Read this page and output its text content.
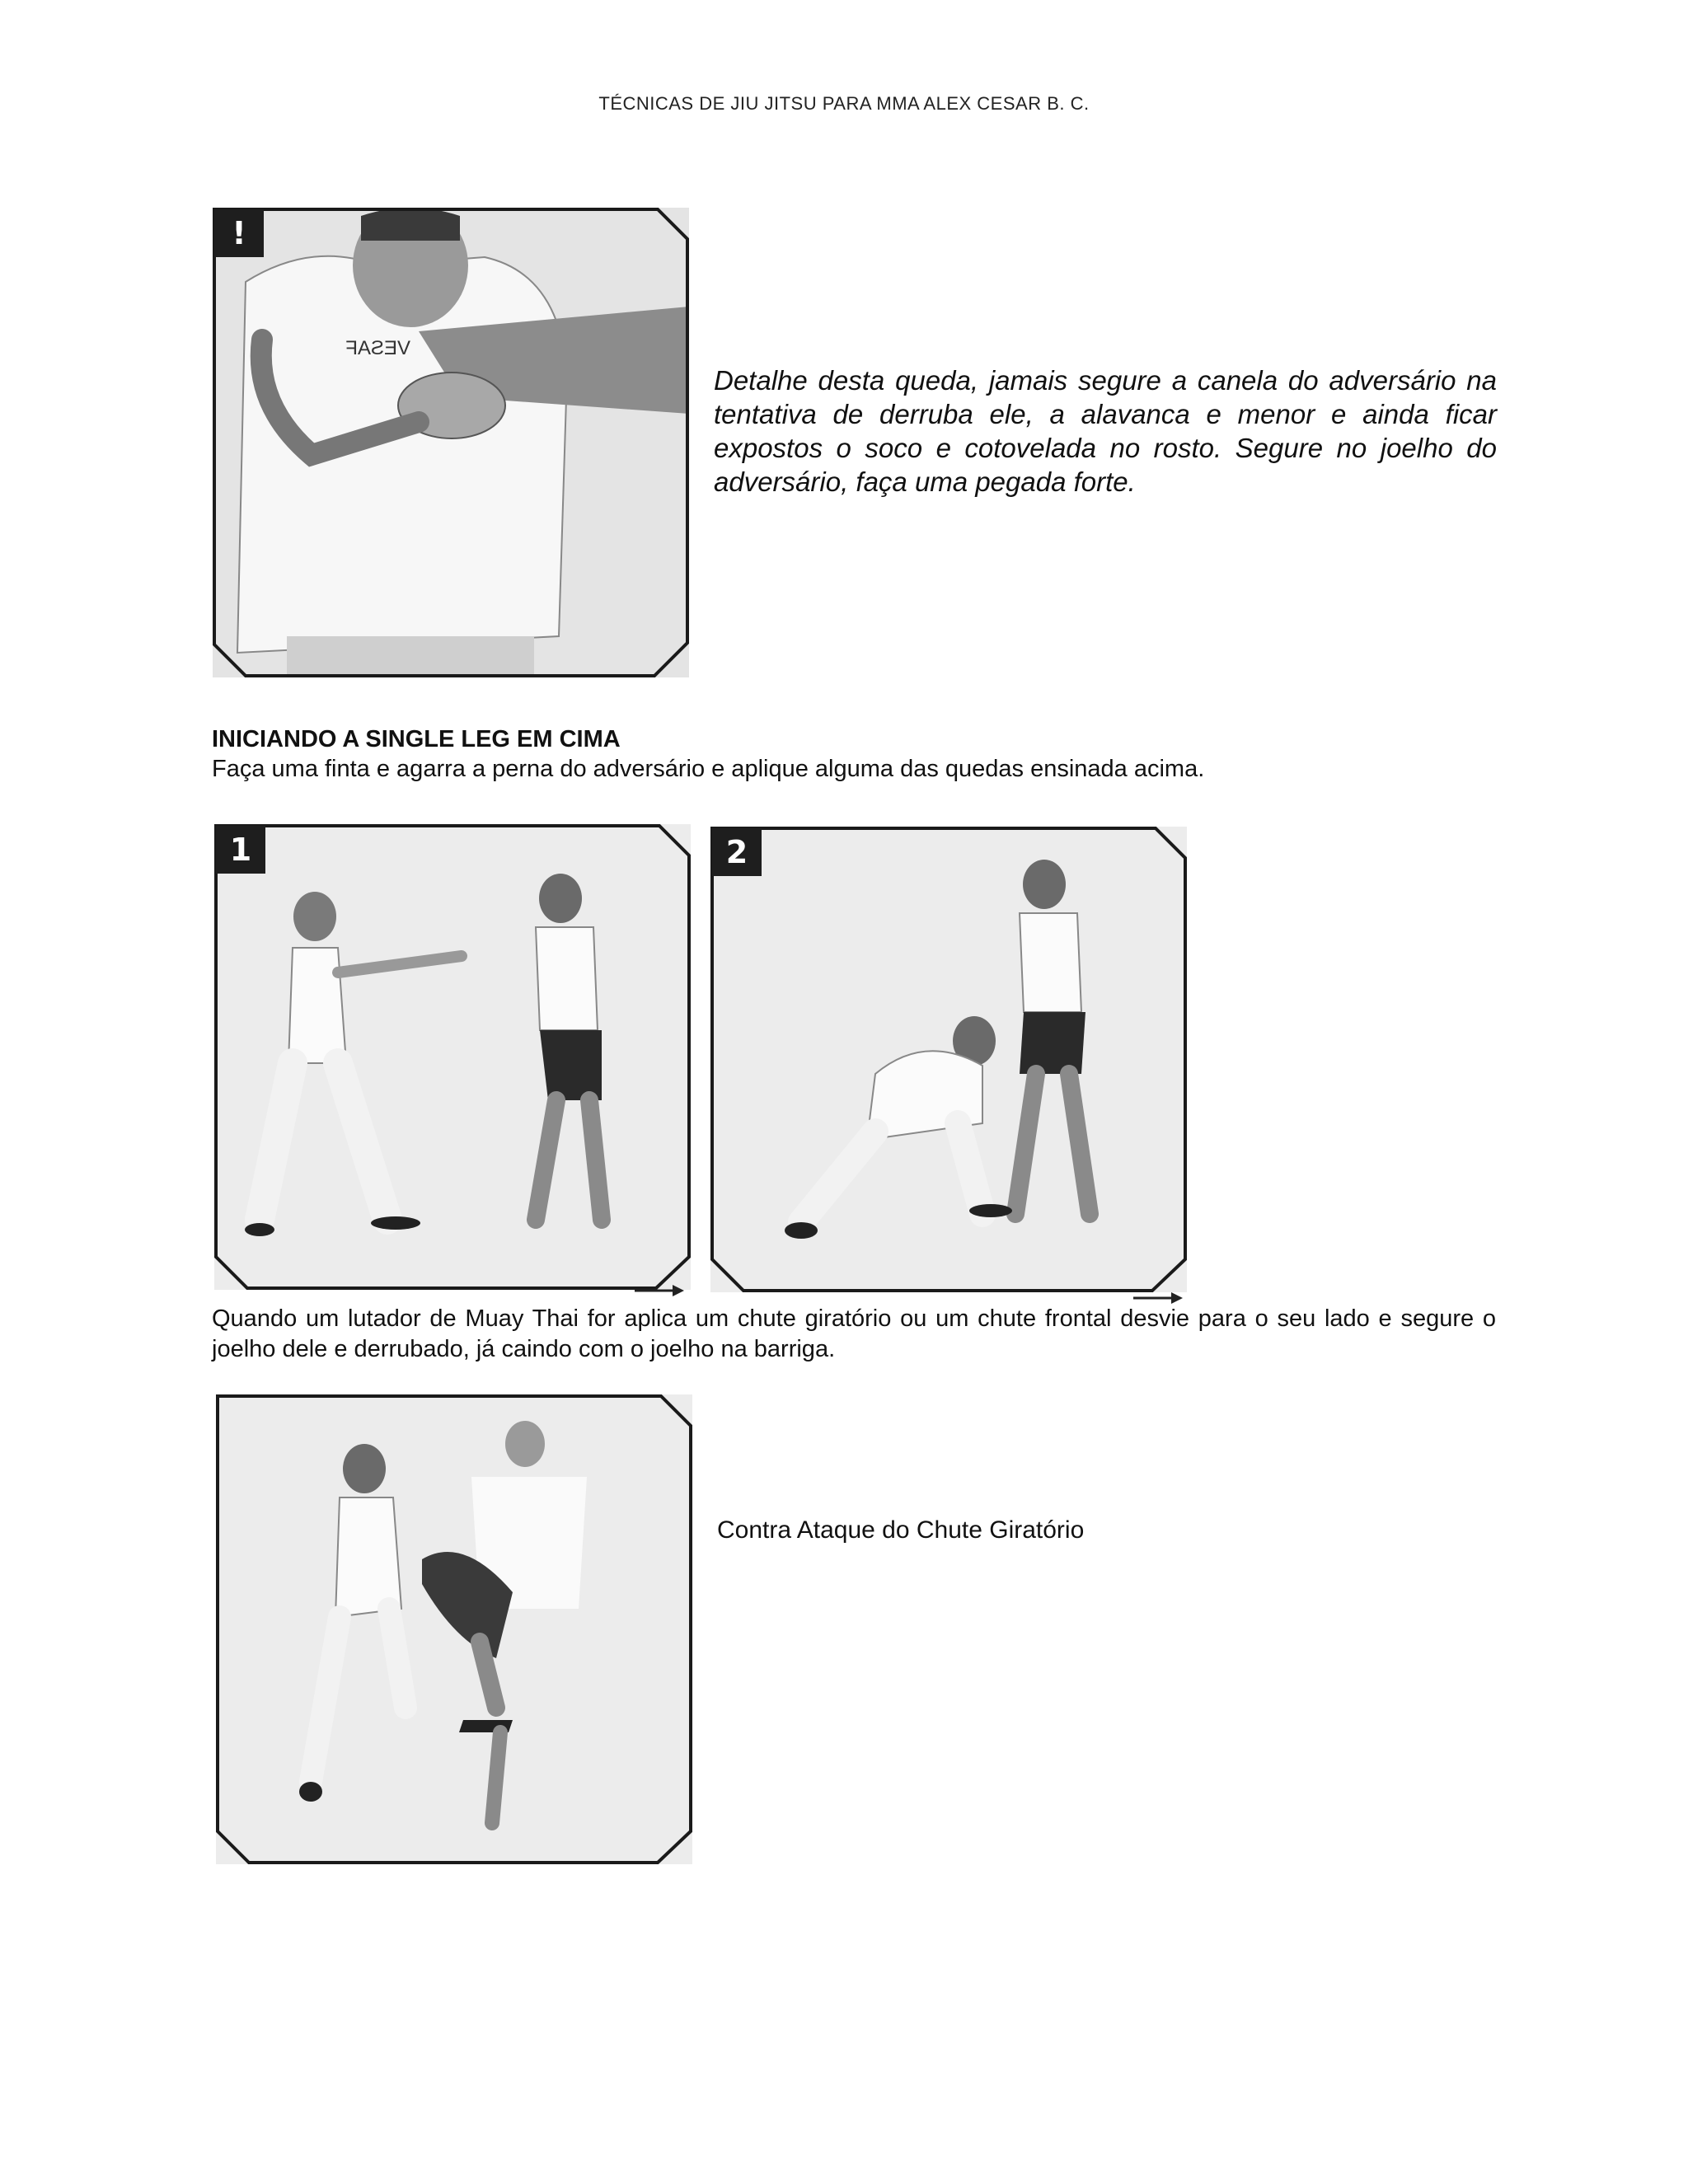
TÉCNICAS DE JIU JITSU PARA MMA ALEX CESAR B. C.
VESAF
!
Detalhe desta queda, jamais segure a canela do adversário na tentativa de derruba ele, a alavanca e menor e ainda ficar expostos o soco e cotovelada no rosto. Segure no joelho do adversário, faça uma pegada forte.
INICIANDO A SINGLE LEG EM CIMA
Faça uma finta e agarra a perna do adversário e aplique alguma das quedas ensinada acima.
1	2
Quando um lutador de Muay Thai for aplica um chute giratório ou um chute frontal desvie para o seu lado e segure o joelho dele e derrubado, já caindo com o joelho na barriga.
Contra Ataque do Chute Giratório
